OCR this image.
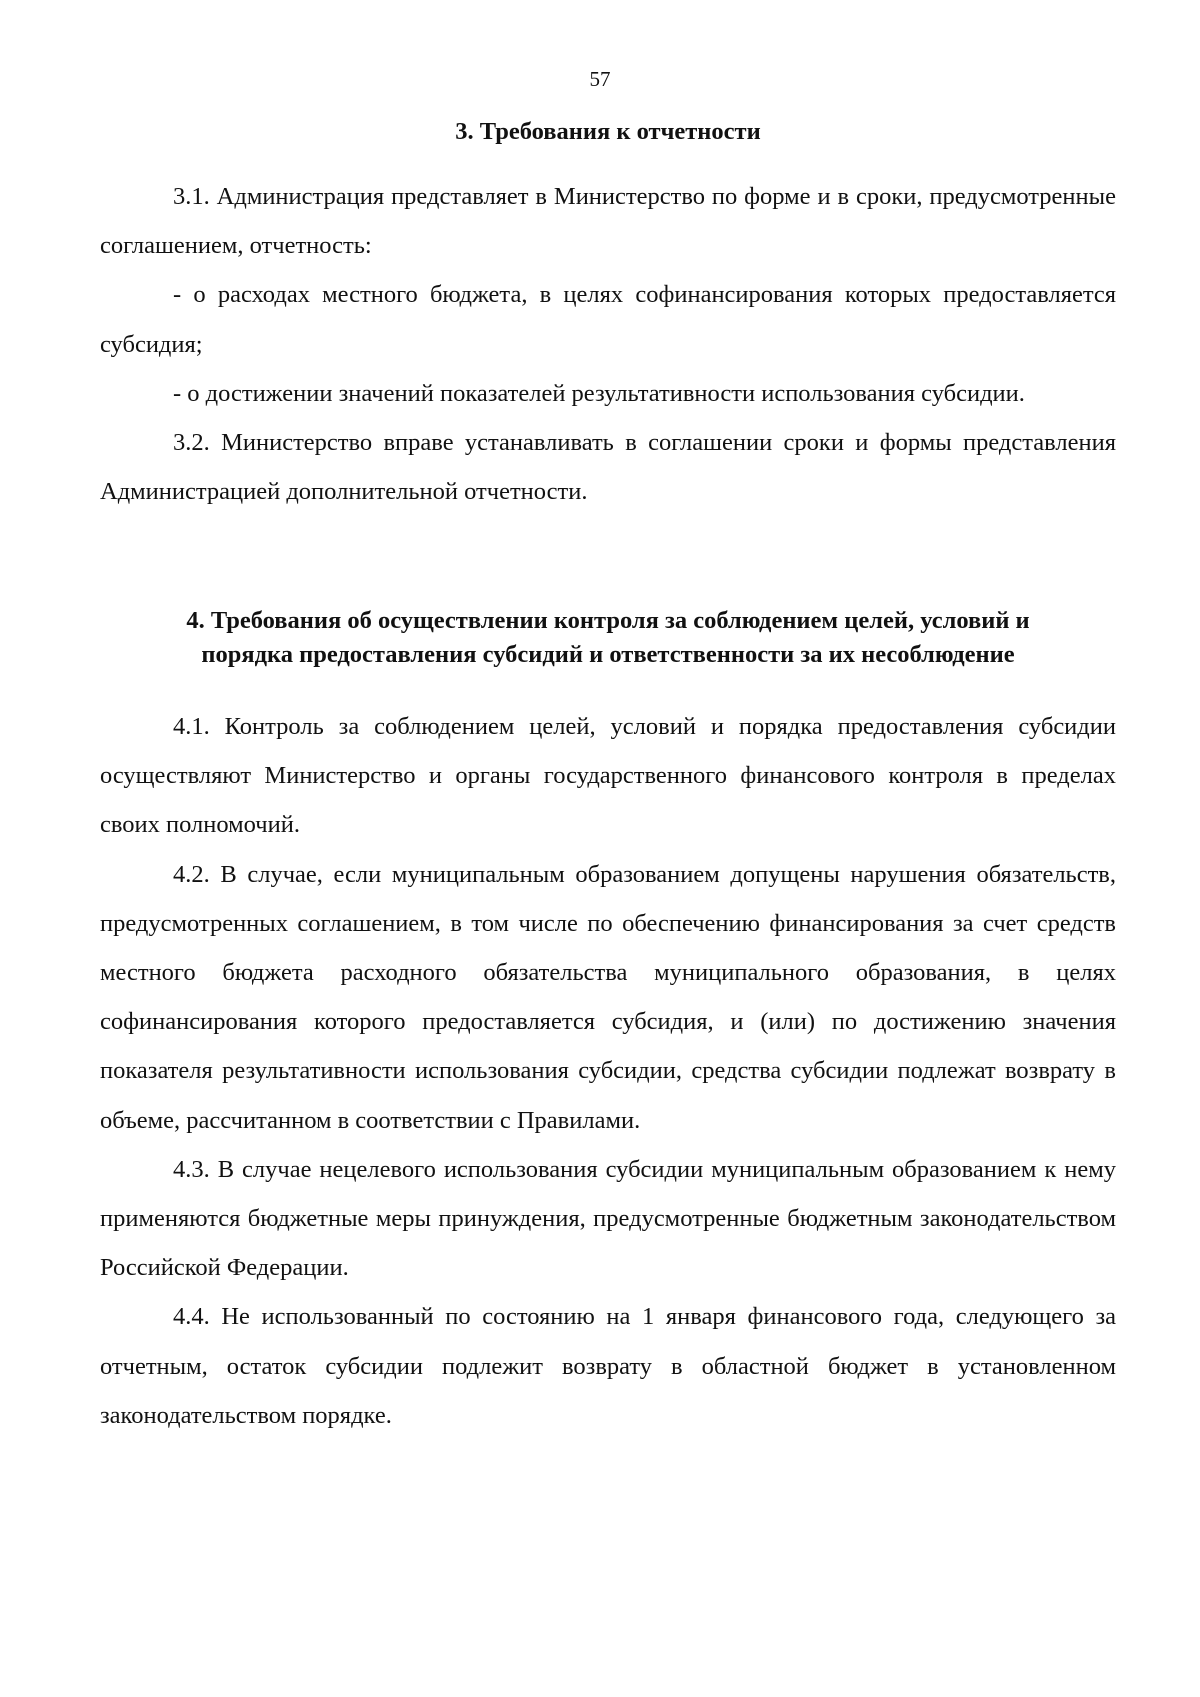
57
3. Требования к отчетности

3.1. Администрация представляет в Министерство по форме и в сроки, предусмотренные соглашением, отчетность:

- о расходах местного бюджета, в целях софинансирования которых предоставляется субсидия;

- о достижении значений показателей результативности использования субсидии.

3.2. Министерство вправе устанавливать в соглашении сроки и формы представления Администрацией дополнительной отчетности.

4. Требования об осуществлении контроля за соблюдением целей, условий и
порядка предоставления субсидий и ответственности за их несоблюдение

4.1. Контроль за соблюдением целей, условий и порядка предоставления субсидии осуществляют Министерство и органы государственного финансового контроля в пределах своих полномочий.

4.2. В случае, если муниципальным образованием допущены нарушения обязательств, предусмотренных соглашением, в том числе по обеспечению финансирования за счет средств местного бюджета расходного обязательства муниципального образования, в целях софинансирования которого предоставляется субсидия, и (или) по достижению значения показателя результативности использования субсидии, средства субсидии подлежат возврату в объеме, рассчитанном в соответствии с Правилами.

4.3. В случае нецелевого использования субсидии муниципальным образованием к нему применяются бюджетные меры принуждения, предусмотренные бюджетным законодательством Российской Федерации.

4.4. Не использованный по состоянию на 1 января финансового года, следующего за отчетным, остаток субсидии подлежит возврату в областной бюджет в установленном законодательством порядке.
